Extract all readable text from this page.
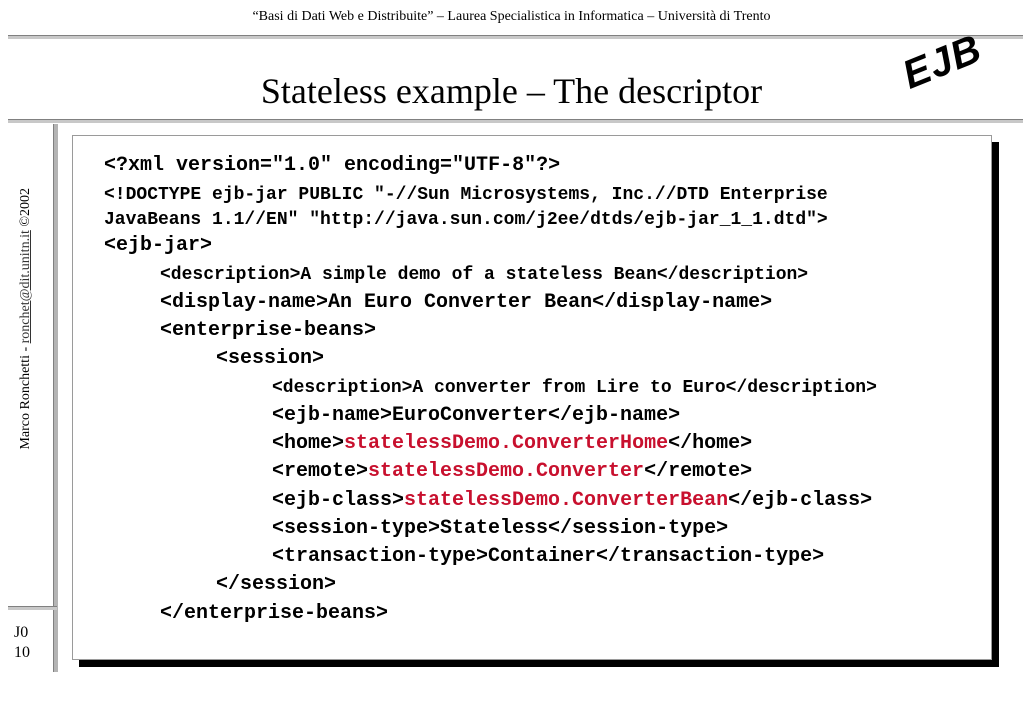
“Basi di Dati Web e Distribuite” – Laurea Specialistica in Informatica – Università di Trento
Stateless example – The descriptor	EJB
Marco Ronchetti - ronchet@dit.unitn.it ©2002
J0
10

<?xml version="1.0" encoding="UTF-8"?>

<!DOCTYPE ejb-jar PUBLIC "-//Sun Microsystems, Inc.//DTD Enterprise

JavaBeans 1.1//EN" "http://java.sun.com/j2ee/dtds/ejb-jar_1_1.dtd">

<ejb-jar>

<description>A simple demo of a stateless Bean</description>

<display-name>An Euro Converter Bean</display-name>

<enterprise-beans>

<session>

<description>A converter from Lire to Euro</description>

<ejb-name>EuroConverter</ejb-name>

<home>statelessDemo.ConverterHome</home>

<remote>statelessDemo.Converter</remote>

<ejb-class>statelessDemo.ConverterBean</ejb-class>

<session-type>Stateless</session-type>

<transaction-type>Container</transaction-type>

</session>

</enterprise-beans>
